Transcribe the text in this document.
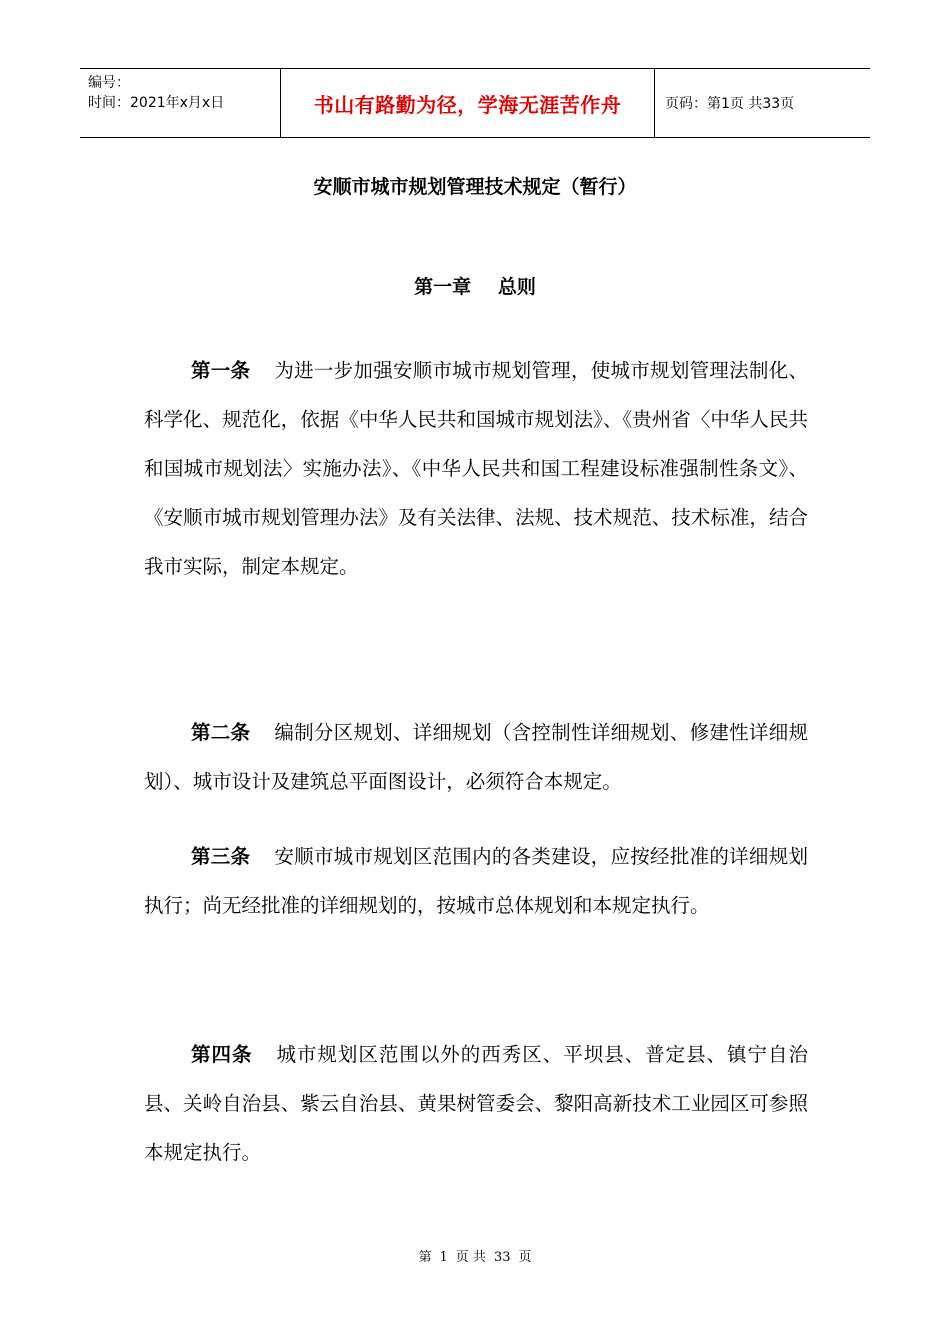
编号：
时间：2021年x月x日	书山有路勤为径，学海无涯苦作舟	页码：第1页 共33页
安顺市城市规划管理技术规定（暂行）
第一章 总则

第一条 为进一步加强安顺市城市规划管理，使城市规划管理法制化、科学化、规范化，依据《中华人民共和国城市规划法》、《贵州省〈中华人民共和国城市规划法〉实施办法》、《中华人民共和国工程建设标准强制性条文》、《安顺市城市规划管理办法》及有关法律、法规、技术规范、技术标准，结合我市实际，制定本规定。

第二条 编制分区规划、详细规划（含控制性详细规划、修建性详细规划）、城市设计及建筑总平面图设计，必须符合本规定。

第三条 安顺市城市规划区范围内的各类建设，应按经批准的详细规划执行；尚无经批准的详细规划的，按城市总体规划和本规定执行。

第四条 城市规划区范围以外的西秀区、平坝县、普定县、镇宁自治县、关岭自治县、紫云自治县、黄果树管委会、黎阳高新技术工业园区可参照本规定执行。

第 1 页 共 33 页
